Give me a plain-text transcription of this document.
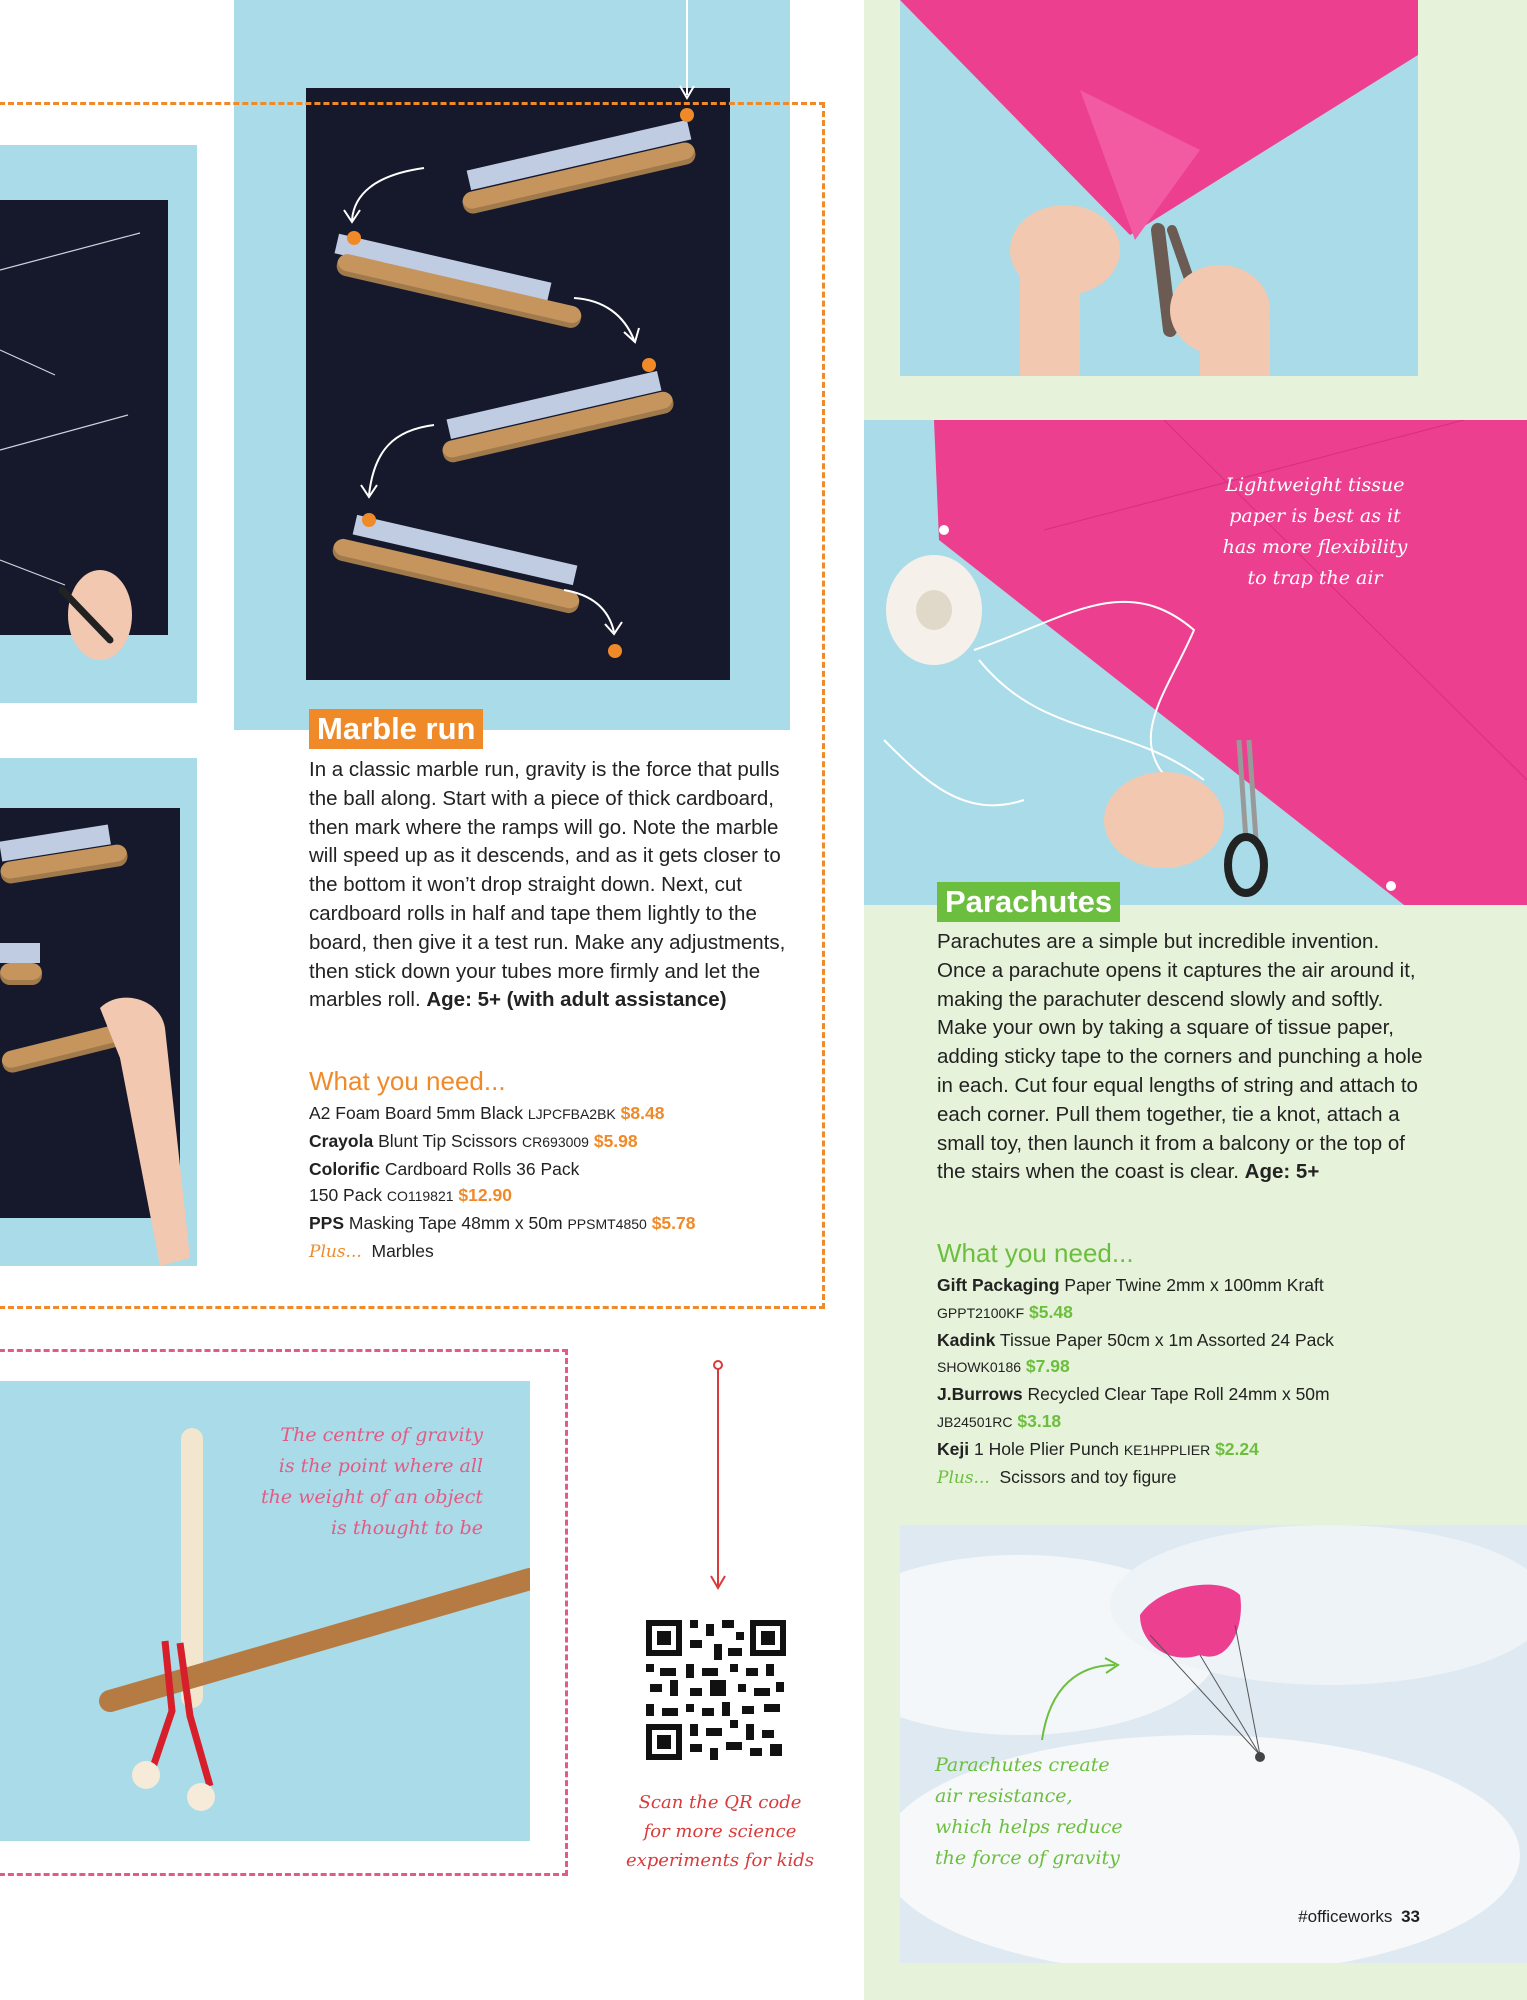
Marble run
In a classic marble run, gravity is the force that pulls the ball along. Start with a piece of thick cardboard, then mark where the ramps will go. Note the marble will speed up as it descends, and as it gets closer to the bottom it won’t drop straight down. Next, cut cardboard rolls in half and tape them lightly to the board, then give it a test run. Make any adjustments, then stick down your tubes more firmly and let the marbles roll. Age: 5+ (with adult assistance)
What you need...
A2 Foam Board 5mm Black LJPCFBA2BK $8.48
Crayola Blunt Tip Scissors CR693009 $5.98
Colorific Cardboard Rolls 36 Pack 150 Pack CO119821 $12.90
PPS Masking Tape 48mm x 50m PPSMT4850 $5.78
Plus... Marbles
The centre of gravity
is the point where all
the weight of an object
is thought to be
Scan the QR code
for more science
experiments for kids
Lightweight tissue
paper is best as it
has more flexibility
to trap the air
Parachutes
Parachutes are a simple but incredible invention. Once a parachute opens it captures the air around it, making the parachuter descend slowly and softly. Make your own by taking a square of tissue paper, adding sticky tape to the corners and punching a hole in each. Cut four equal lengths of string and attach to each corner. Pull them together, tie a knot, attach a small toy, then launch it from a balcony or the top of the stairs when the coast is clear. Age: 5+
What you need...
Gift Packaging Paper Twine 2mm x 100mm Kraft
GPPT2100KF $5.48
Kadink Tissue Paper 50cm x 1m Assorted 24 Pack
SHOWK0186 $7.98
J.Burrows Recycled Clear Tape Roll 24mm x 50m
JB24501RC $3.18
Keji 1 Hole Plier Punch KE1HPPLIER $2.24
Plus... Scissors and toy figure
Parachutes create
air resistance,
which helps reduce
the force of gravity
#officeworks 33
